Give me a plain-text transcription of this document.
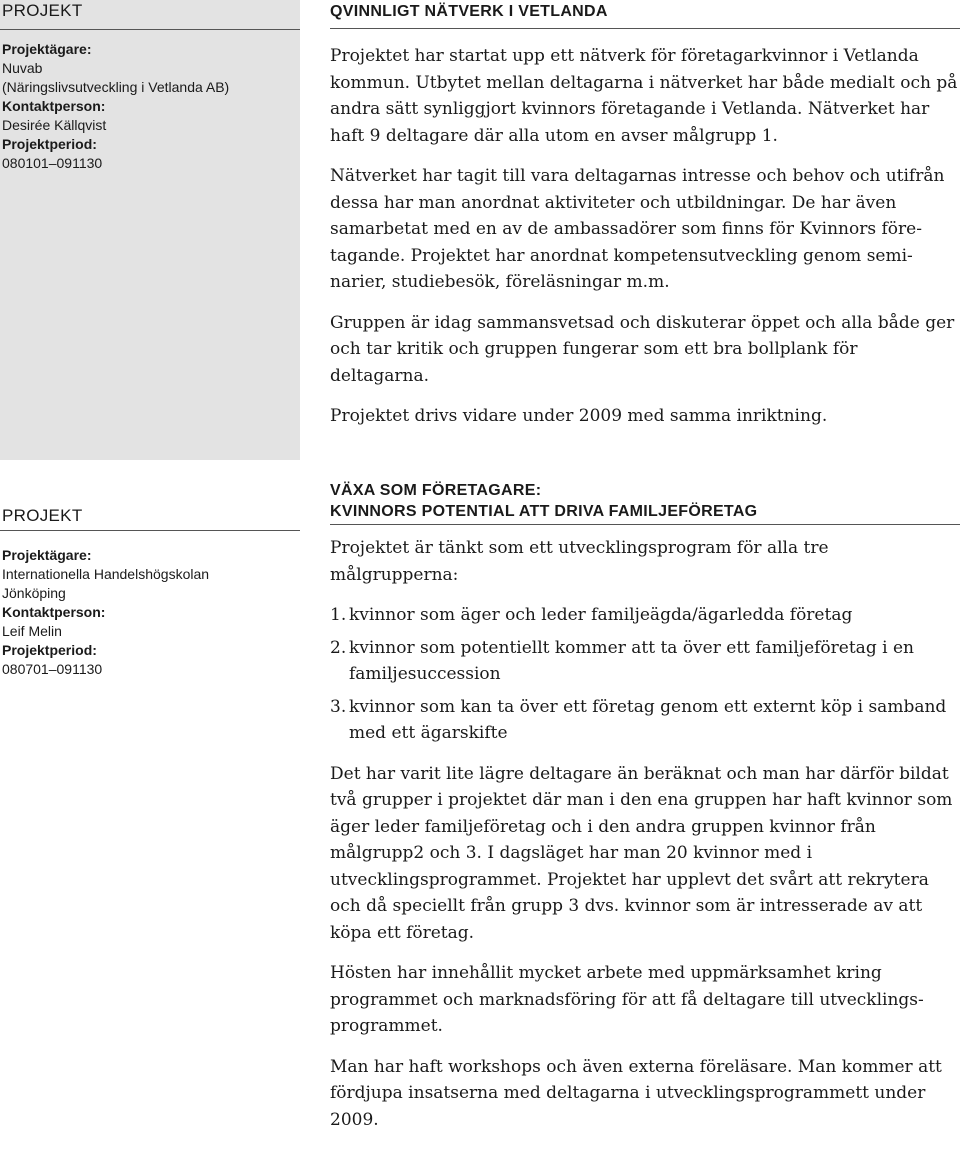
PROJEKT
Projektägare:
Nuvab
(Näringslivsutveckling i Vetlanda AB)
Kontaktperson:
Desirée Källqvist
Projektperiod:
080101–091130
QVINNLIGT NÄTVERK I VETLANDA

Projektet har startat upp ett nätverk för företagarkvinnor i Vetlanda kommun. Utbytet mellan deltagarna i nätverket har både medialt och på andra sätt synliggjort kvinnors företagande i Vetlanda. Nätverket har haft 9 deltagare där alla utom en avser målgrupp 1.

Nätverket har tagit till vara deltagarnas intresse och behov och utifrån dessa har man anordnat aktiviteter och utbildningar. De har även samarbetat med en av de ambassadörer som finns för Kvinnors företagande. Projektet har anordnat kompetensutveckling genom seminarier, studiebesök, föreläsningar m.m.

Gruppen är idag sammansvetsad och diskuterar öppet och alla både ger och tar kritik och gruppen fungerar som ett bra bollplank för deltagarna.

Projektet drivs vidare under 2009 med samma inriktning.

PROJEKT
Projektägare:
Internationella Handelshögskolan
Jönköping
Kontaktperson:
Leif Melin
Projektperiod:
080701–091130
VÄXA SOM FÖRETAGARE:
KVINNORS POTENTIAL ATT DRIVA FAMILJEFÖRETAG

Projektet är tänkt som ett utvecklingsprogram för alla tre målgrupperna:

1. kvinnor som äger och leder familjeägda/ägarledda företag
2. kvinnor som potentiellt kommer att ta över ett familjeföretag i en familjesuccession
3. kvinnor som kan ta över ett företag genom ett externt köp i samband med ett ägarskifte

Det har varit lite lägre deltagare än beräknat och man har därför bildat två grupper i projektet där man i den ena gruppen har haft kvinnor som äger leder familjeföretag och i den andra gruppen kvinnor från målgrupp2 och 3. I dagsläget har man 20 kvinnor med i utvecklingsprogrammet. Projektet har upplevt det svårt att rekrytera och då speciellt från grupp 3 dvs. kvinnor som är intresserade av att köpa ett företag.

Hösten har innehållit mycket arbete med uppmärksamhet kring programmet och marknadsföring för att få deltagare till utvecklingsprogrammet.

Man har haft workshops och även externa föreläsare. Man kommer att fördjupa insatserna med deltagarna i utvecklingsprogrammett under 2009.
